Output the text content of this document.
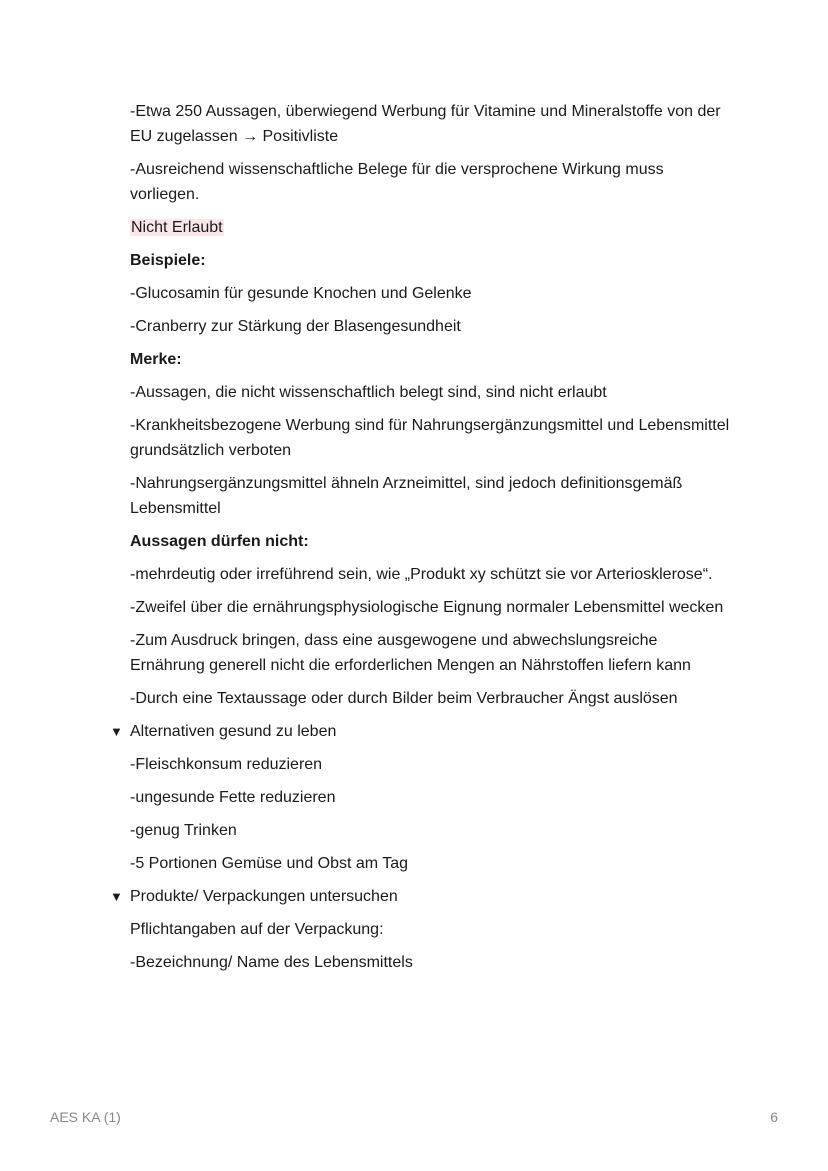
-Etwa 250 Aussagen, überwiegend Werbung für Vitamine und Mineralstoffe von der EU zugelassen → Positivliste

-Ausreichend wissenschaftliche Belege für die versprochene Wirkung muss vorliegen.

Nicht Erlaubt

Beispiele:

-Glucosamin für gesunde Knochen und Gelenke

-Cranberry zur Stärkung der Blasengesundheit

Merke:

-Aussagen, die nicht wissenschaftlich belegt sind, sind nicht erlaubt

-Krankheitsbezogene Werbung sind für Nahrungsergänzungsmittel und Lebensmittel grundsätzlich verboten

-Nahrungsergänzungsmittel ähneln Arzneimittel, sind jedoch definitionsgemäß Lebensmittel

Aussagen dürfen nicht:

-mehrdeutig oder irreführend sein, wie „Produkt xy schützt sie vor Arteriosklerose“.

-Zweifel über die ernährungsphysiologische Eignung normaler Lebensmittel wecken

-Zum Ausdruck bringen, dass eine ausgewogene und abwechslungsreiche Ernährung generell nicht die erforderlichen Mengen an Nährstoffen liefern kann

-Durch eine Textaussage oder durch Bilder beim Verbraucher Ängst auslösen

▼ Alternativen gesund zu leben

-Fleischkonsum reduzieren

-ungesunde Fette reduzieren

-genug Trinken

-5 Portionen Gemüse und Obst am Tag

▼ Produkte/ Verpackungen untersuchen

Pflichtangaben auf der Verpackung:

-Bezeichnung/ Name des Lebensmittels

AES KA (1)	6
